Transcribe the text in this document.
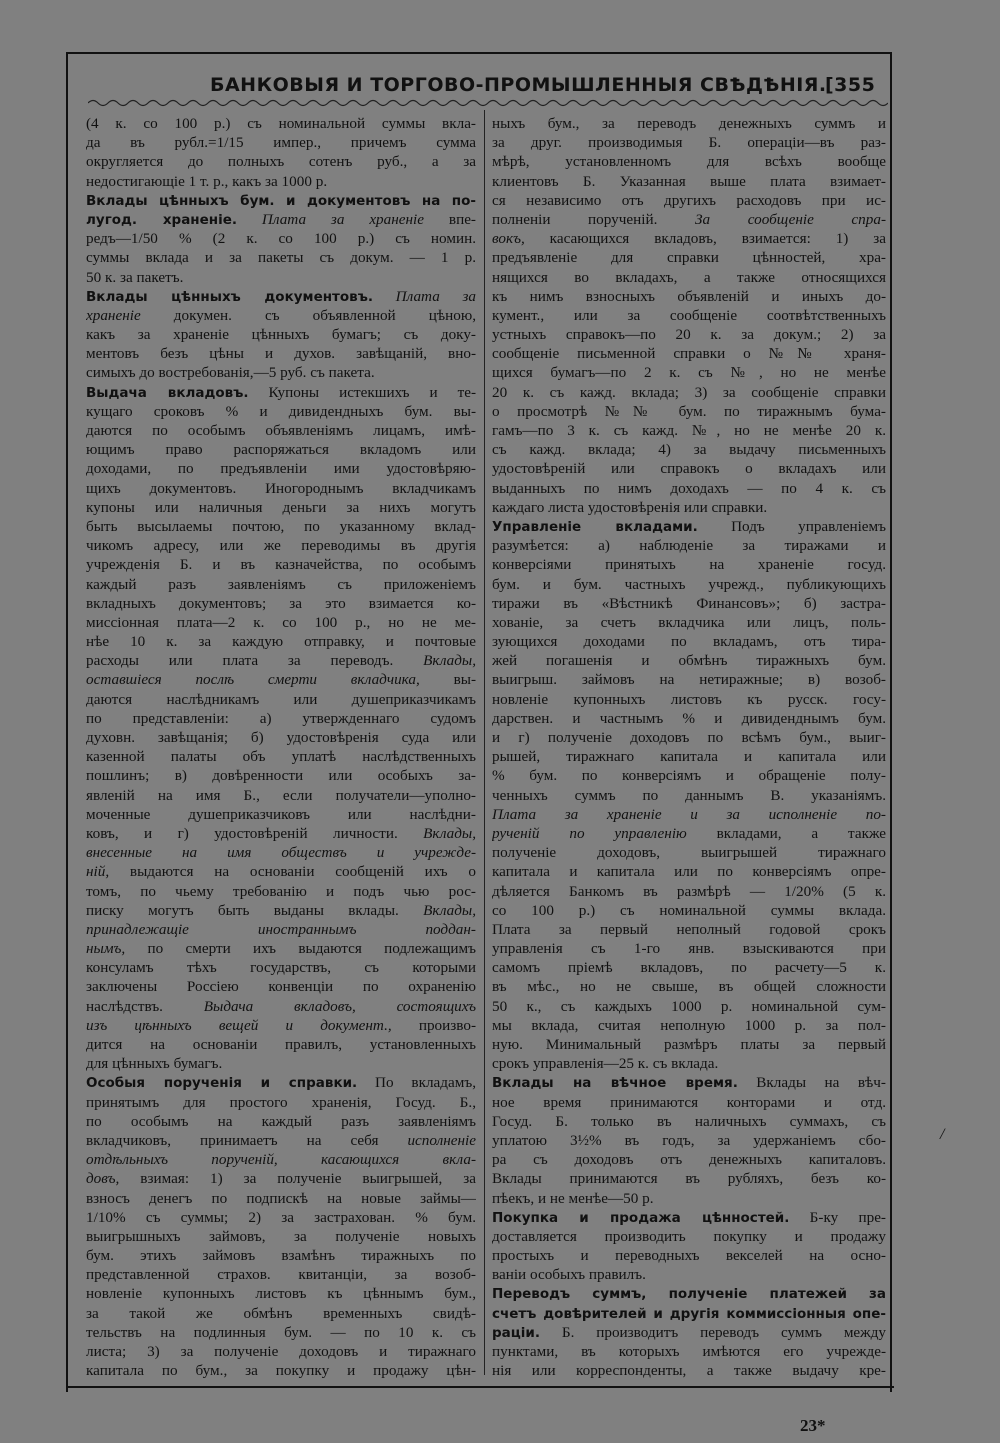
БАНКОВЫЯ И ТОРГОВО-ПРОМЫШЛЕННЫЯ СВѢДѢНІЯ.
[355
(4 к. со 100 р.) съ номинальной суммы вкла-
да въ рубл.=1/15 импер., причемъ сумма
округляется до полныхъ сотенъ руб., а за
недостигающіе 1 т. р., какъ за 1000 р.
Вклады цѣнныхъ бум. и документовъ на по-
лугод. храненіе. Плата за храненіе впе-
редъ—1/50 % (2 к. со 100 р.) съ номин.
суммы вклада и за пакеты съ докум. — 1 р.
50 к. за пакетъ.
Вклады цѣнныхъ документовъ. Плата за
храненіе докумен. съ объявленной цѣною,
какъ за храненіе цѣнныхъ бумагъ; съ доку-
ментовъ безъ цѣны и духов. завѣщаній, вно-
симыхъ до востребованія,—5 руб. съ пакета.
Выдача вкладовъ. Купоны истекшихъ и те-
кущаго сроковъ % и дивидендныхъ бум. вы-
даются по особымъ объявленіямъ лицамъ, имѣ-
ющимъ право распоряжаться вкладомъ или
доходами, по предъявленіи ими удостовѣряю-
щихъ документовъ. Иногороднымъ вкладчикамъ
купоны или наличныя деньги за нихъ могутъ
быть высылаемы почтою, по указанному вклад-
чикомъ адресу, или же переводимы въ другія
учрежденія Б. и въ казначейства, по особымъ
каждый разъ заявленіямъ съ приложеніемъ
вкладныхъ документовъ; за это взимается ко-
миссіонная плата—2 к. со 100 р., но не ме-
нѣе 10 к. за каждую отправку, и почтовые
расходы или плата за переводъ. Вклады,
оставшіеся послѣ смерти вкладчика, вы-
даются наслѣдникамъ или душеприказчикамъ
по представленіи: а) утвержденнаго судомъ
духовн. завѣщанія; б) удостовѣренія суда или
казенной палаты объ уплатѣ наслѣдственныхъ
пошлинъ; в) довѣренности или особыхъ за-
явленій на имя Б., если получатели—уполно-
моченные душеприказчиковъ или наслѣдни-
ковъ, и г) удостовѣреній личности. Вклады,
внесенные на имя обществъ и учрежде-
ній, выдаются на основаніи сообщеній ихъ о
томъ, по чьему требованію и подъ чью рос-
писку могутъ быть выданы вклады. Вклады,
принадлежащіе иностраннымъ поддан-
нымъ, по смерти ихъ выдаются подлежащимъ
консуламъ тѣхъ государствъ, съ которыми
заключены Россіею конвенціи по охраненію
наслѣдствъ. Выдача вкладовъ, состоящихъ
изъ цѣнныхъ вещей и документ., произво-
дится на основаніи правилъ, установленныхъ
для цѣнныхъ бумагъ.
Особыя порученія и справки. По вкладамъ,
принятымъ для простого храненія, Госуд. Б.,
по особымъ на каждый разъ заявленіямъ
вкладчиковъ, принимаетъ на себя исполненіе
отдѣльныхъ порученій, касающихся вкла-
довъ, взимая: 1) за полученіе выигрышей, за
взносъ денегъ по подпискѣ на новые займы—
1/10% съ суммы; 2) за застрахован. % бум.
выигрышныхъ займовъ, за полученіе новыхъ
бум. этихъ займовъ взамѣнъ тиражныхъ по
представленной страхов. квитанціи, за возоб-
новленіе купонныхъ листовъ къ цѣннымъ бум.,
за такой же обмѣнъ временныхъ свидѣ-
тельствъ на подлинныя бум. — по 10 к. съ
листа; 3) за полученіе доходовъ и тиражнаго
капитала по бум., за покупку и продажу цѣн-
ныхъ бум., за переводъ денежныхъ суммъ и
за друг. производимыя Б. операціи—въ раз-
мѣрѣ, установленномъ для всѣхъ вообще
клиентовъ Б. Указанная выше плата взимает-
ся независимо отъ другихъ расходовъ при ис-
полненіи порученій. За сообщеніе спра-
вокъ, касающихся вкладовъ, взимается: 1) за
предъявленіе для справки цѣнностей, хра-
нящихся во вкладахъ, а также относящихся
къ нимъ взносныхъ объявленій и иныхъ до-
кумент., или за сообщеніе соотвѣтственныхъ
устныхъ справокъ—по 20 к. за докум.; 2) за
сообщеніе письменной справки о №№ храня-
щихся бумагъ—по 2 к. съ №, но не менѣе
20 к. съ кажд. вклада; 3) за сообщеніе справки
о просмотрѣ №№ бум. по тиражнымъ бума-
гамъ—по 3 к. съ кажд. №, но не менѣе 20 к.
съ кажд. вклада; 4) за выдачу письменныхъ
удостовѣреній или справокъ о вкладахъ или
выданныхъ по нимъ доходахъ — по 4 к. съ
каждаго листа удостовѣренія или справки.
Управленіе вкладами. Подъ управленіемъ
разумѣется: а) наблюденіе за тиражами и
конверсіями принятыхъ на храненіе госуд.
бум. и бум. частныхъ учрежд., публикующихъ
тиражи въ «Вѣстникѣ Финансовъ»; б) застра-
хованіе, за счетъ вкладчика или лицъ, поль-
зующихся доходами по вкладамъ, отъ тира-
жей погашенія и обмѣнъ тиражныхъ бум.
выигрыш. займовъ на нетиражные; в) возоб-
новленіе купонныхъ листовъ къ русск. госу-
дарствен. и частнымъ % и дивиденднымъ бум.
и г) полученіе доходовъ по всѣмъ бум., выиг-
рышей, тиражнаго капитала и капитала или
% бум. по конверсіямъ и обращеніе полу-
ченныхъ суммъ по даннымъ В. указаніямъ.
Плата за храненіе и за исполненіе по-
рученій по управленію вкладами, а также
полученіе доходовъ, выигрышей тиражнаго
капитала и капитала или по конверсіямъ опре-
дѣляется Банкомъ въ размѣрѣ — 1/20% (5 к.
со 100 р.) съ номинальной суммы вклада.
Плата за первый неполный годовой срокъ
управленія съ 1-го янв. взыскиваются при
самомъ пріемѣ вкладовъ, по расчету—5 к.
въ мѣс., но не свыше, въ общей сложности
50 к., съ каждыхъ 1000 р. номинальной сум-
мы вклада, считая неполную 1000 р. за пол-
ную. Минимальный размѣръ платы за первый
срокъ управленія—25 к. съ вклада.
Вклады на вѣчное время. Вклады на вѣч-
ное время принимаются конторами и отд.
Госуд. Б. только въ наличныхъ суммахъ, съ
уплатою 3½% въ годъ, за удержаніемъ сбо-
ра съ доходовъ отъ денежныхъ капиталовъ.
Вклады принимаются въ рубляхъ, безъ ко-
пѣекъ, и не менѣе—50 р.
Покупка и продажа цѣнностей. Б-ку пре-
доставляется производить покупку и продажу
простыхъ и переводныхъ векселей на осно-
ваніи особыхъ правилъ.
Переводъ суммъ, полученіе платежей за
счетъ довѣрителей и другія коммиссіонныя опе-
раціи. Б. производитъ переводъ суммъ между
пунктами, въ которыхъ имѣются его учрежде-
нія или корреспонденты, а также выдачу кре-
/
23*
